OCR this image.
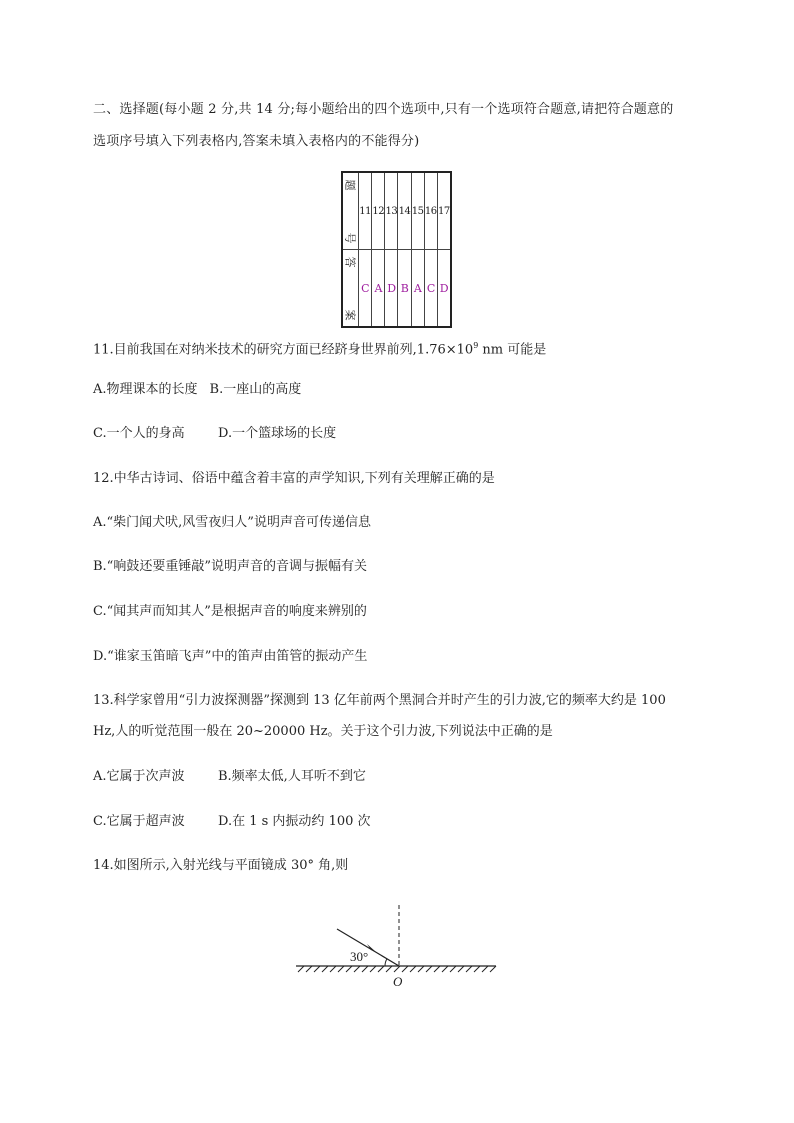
二、选择题(每小题 2 分,共 14 分;每小题给出的四个选项中,只有一个选项符合题意,请把符合题意的
选项序号填入下列表格内,答案未填入表格内的不能得分)
题
号
11 12 13 14 15 16 17
答
案
C A D B A C D
11.目前我国在对纳米技术的研究方面已经跻身世界前列$,1.76\times 10^9$ nm 可能是
A.物理课本的长度 B.一座山的高度
C.一个人的身高	D.一个篮球场的长度
12.中华古诗词、俗语中蕴含着丰富的声学知识,下列有关理解正确的是
A.“柴门闻犬吠,风雪夜归人”说明声音可传递信息
B.“响鼓还要重锤敲”说明声音的音调与振幅有关
C.“闻其声而知其人”是根据声音的响度来辨别的
D.“谁家玉笛暗飞声”中的笛声由笛管的振动产生
13.科学家曾用“引力波探测器”探测到 13 亿年前两个黑洞合并时产生的引力波,它的频率大约是 100
Hz,人的听觉范围一般在 20~20000 Hz。关于这个引力波,下列说法中正确的是
A.它属于次声波	B.频率太低,人耳听不到它
C.它属于超声波	D.在 1 s 内振动约 100 次
14.如图所示,入射光线与平面镜成 30° 角,则
30°
O
